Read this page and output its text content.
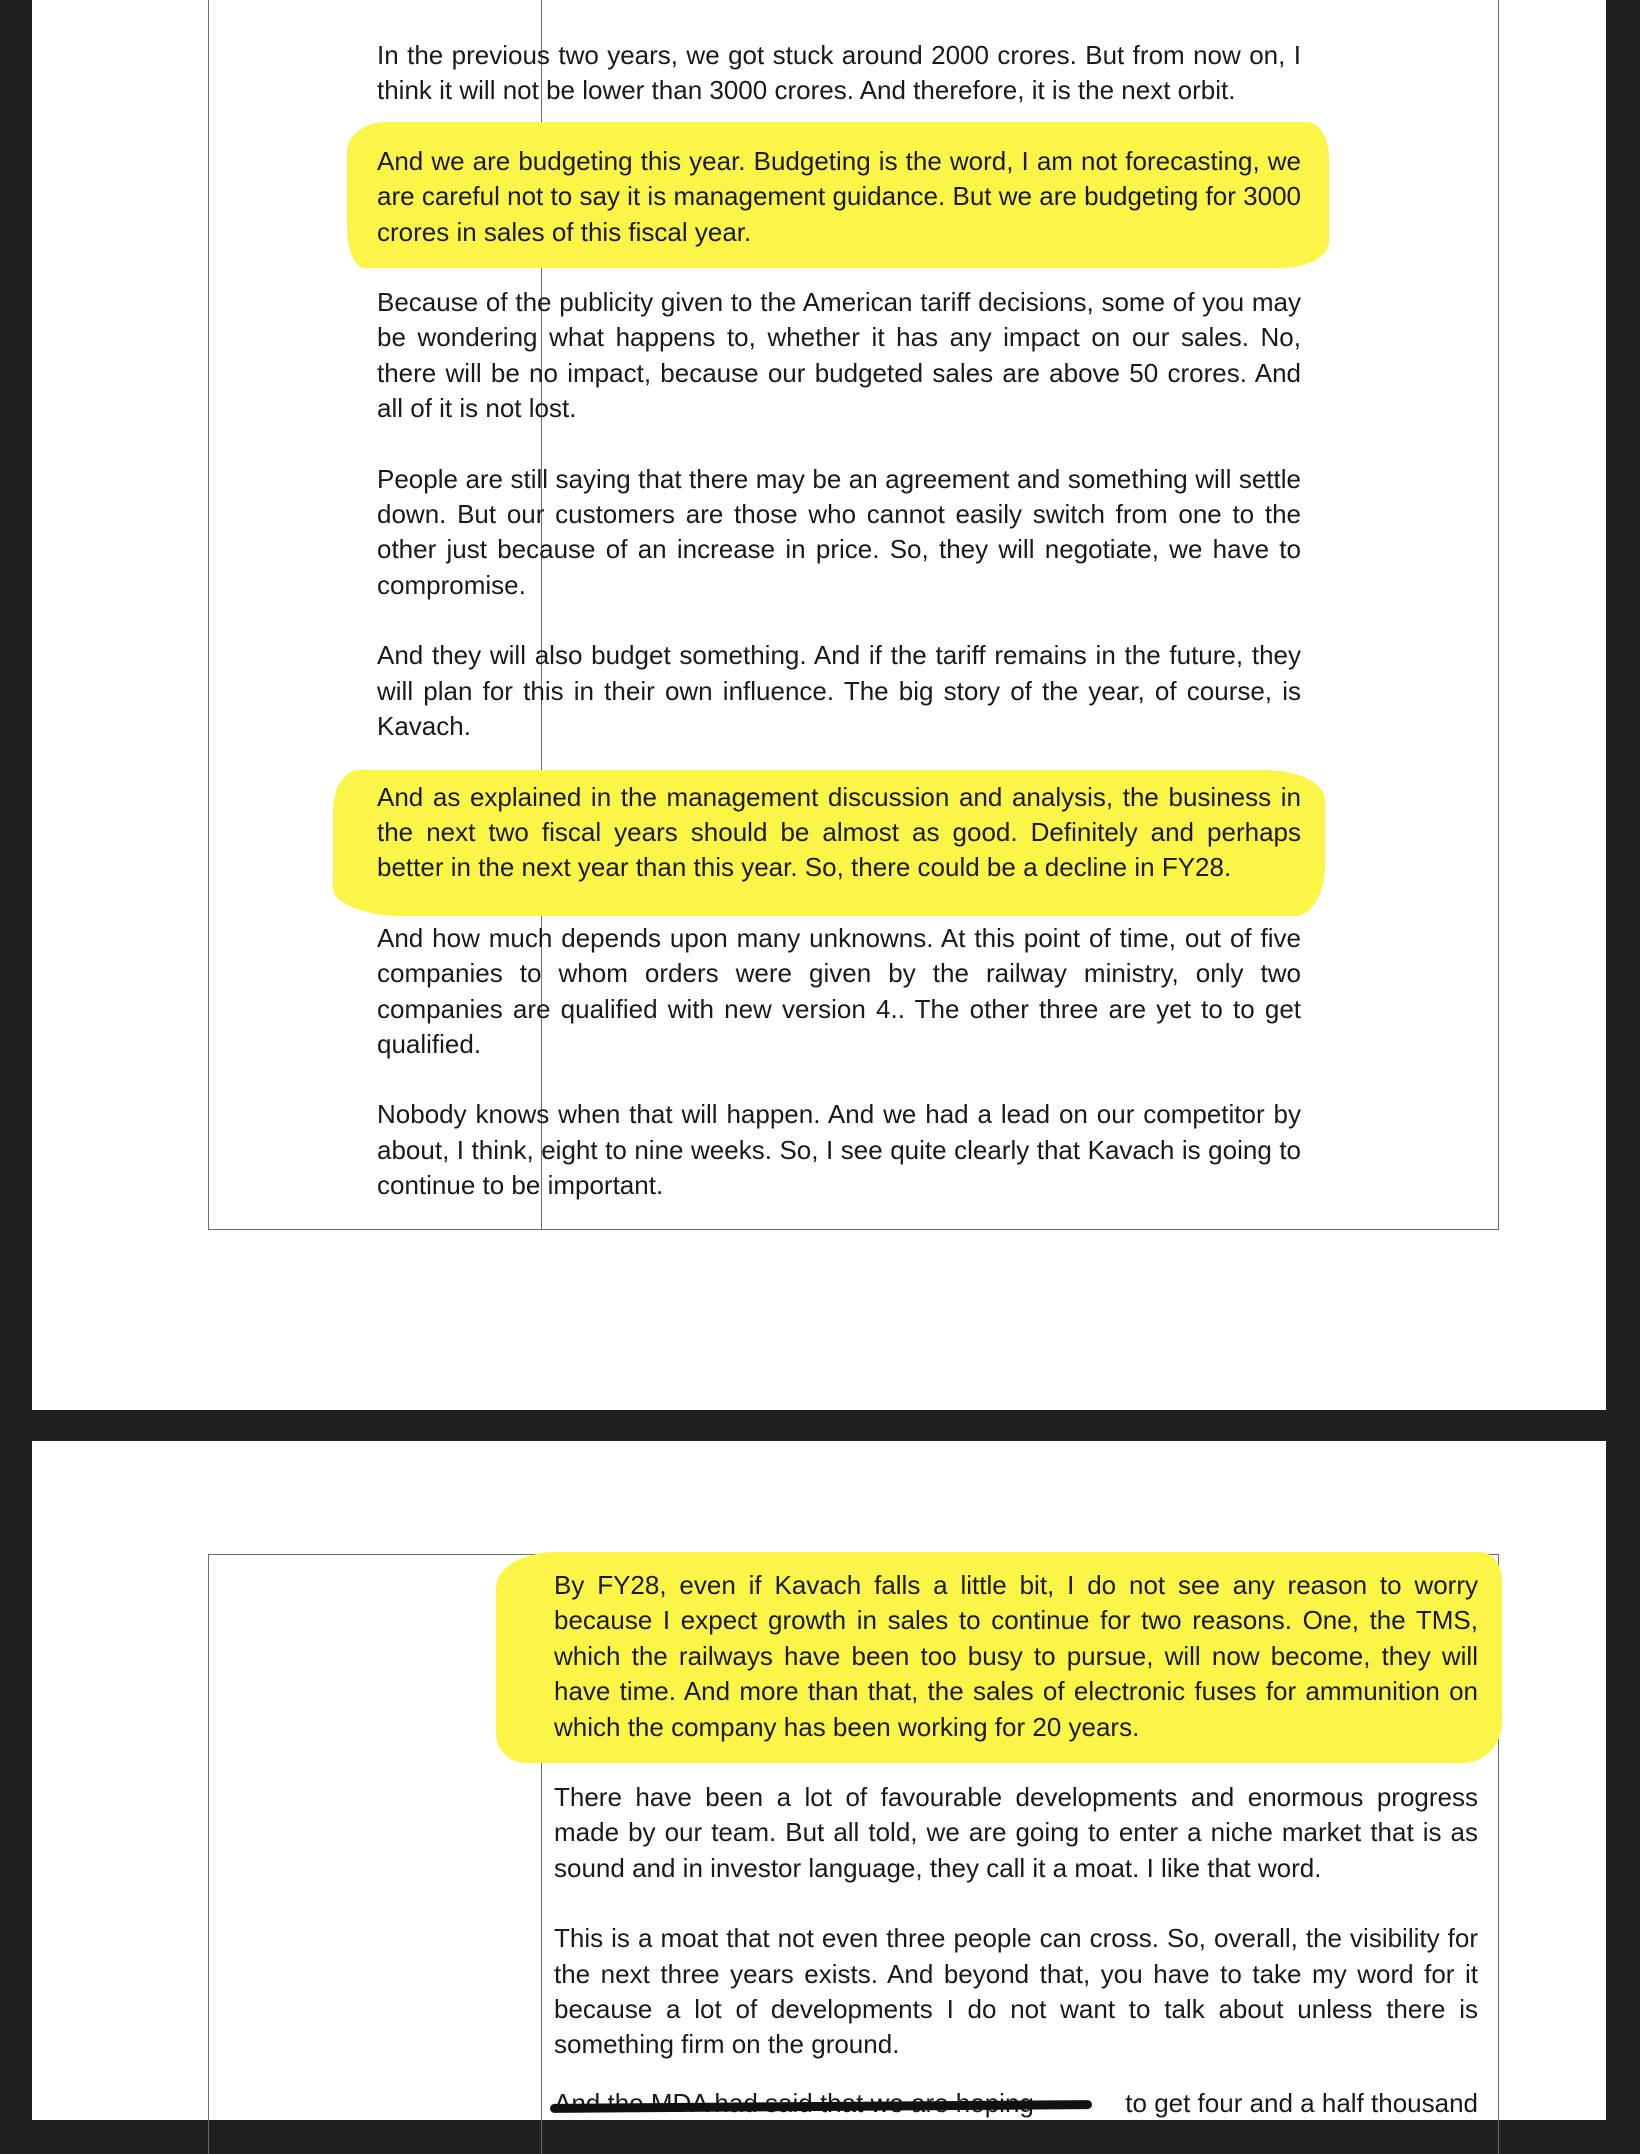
In the previous two years, we got stuck around 2000 crores. But from now on, I think it will not be lower than 3000 crores. And therefore, it is the next orbit.

And we are budgeting this year. Budgeting is the word, I am not forecasting, we are careful not to say it is management guidance. But we are budgeting for 3000 crores in sales of this fiscal year.

Because of the publicity given to the American tariff decisions, some of you may be wondering what happens to, whether it has any impact on our sales. No, there will be no impact, because our budgeted sales are above 50 crores. And all of it is not lost.

People are still saying that there may be an agreement and something will settle down. But our customers are those who cannot easily switch from one to the other just because of an increase in price. So, they will negotiate, we have to compromise.

And they will also budget something. And if the tariff remains in the future, they will plan for this in their own influence. The big story of the year, of course, is Kavach.

And as explained in the management discussion and analysis, the business in the next two fiscal years should be almost as good. Definitely and perhaps better in the next year than this year. So, there could be a decline in FY28.

And how much depends upon many unknowns. At this point of time, out of five companies to whom orders were given by the railway ministry, only two companies are qualified with new version 4.. The other three are yet to to get qualified.

Nobody knows when that will happen. And we had a lead on our competitor by about, I think, eight to nine weeks. So, I see quite clearly that Kavach is going to continue to be important.

By FY28, even if Kavach falls a little bit, I do not see any reason to worry because I expect growth in sales to continue for two reasons. One, the TMS, which the railways have been too busy to pursue, will now become, they will have time. And more than that, the sales of electronic fuses for ammunition on which the company has been working for 20 years.

There have been a lot of favourable developments and enormous progress made by our team. But all told, we are going to enter a niche market that is as sound and in investor language, they call it a moat. I like that word.

This is a moat that not even three people can cross. So, overall, the visibility for the next three years exists. And beyond that, you have to take my word for it because a lot of developments I do not want to talk about unless there is something firm on the ground.

to get four and a half thousand
